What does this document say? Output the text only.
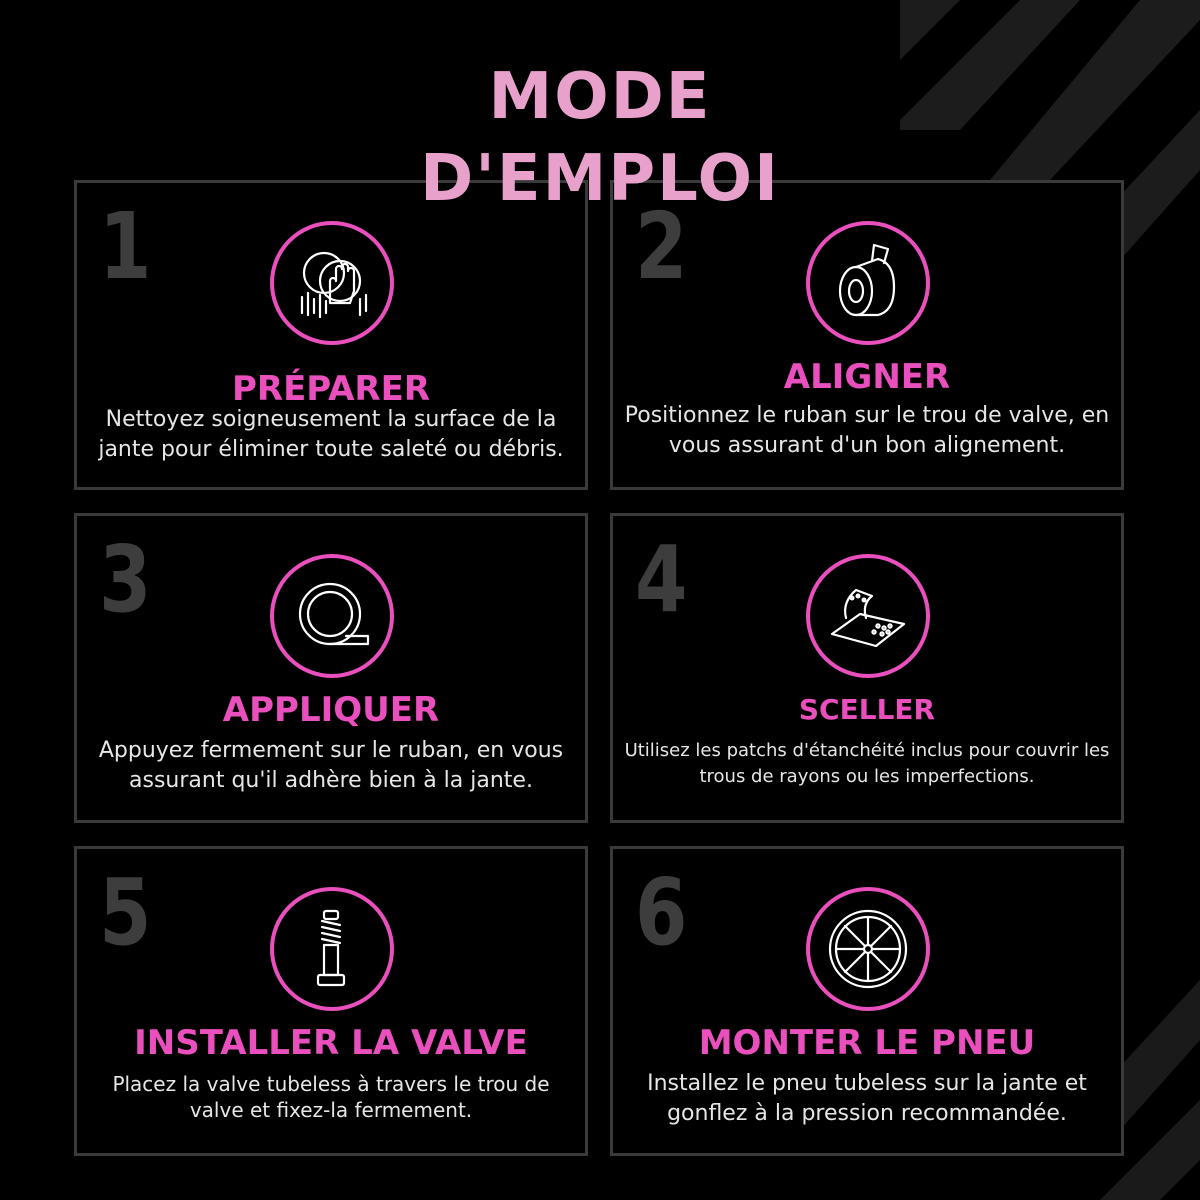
MODE
D'EMPLOI
1
PRÉPARER
Nettoyez soigneusement la surface de la jante pour éliminer toute saleté ou débris.
2
ALIGNER
Positionnez le ruban sur le trou de valve, en vous assurant d'un bon alignement.
3
APPLIQUER
Appuyez fermement sur le ruban, en vous assurant qu'il adhère bien à la jante.
4
SCELLER
Utilisez les patchs d'étanchéité inclus pour couvrir les trous de rayons ou les imperfections.
5
INSTALLER LA VALVE
Placez la valve tubeless à travers le trou de valve et fixez-la fermement.
6
MONTER LE PNEU
Installez le pneu tubeless sur la jante et gonflez à la pression recommandée.
